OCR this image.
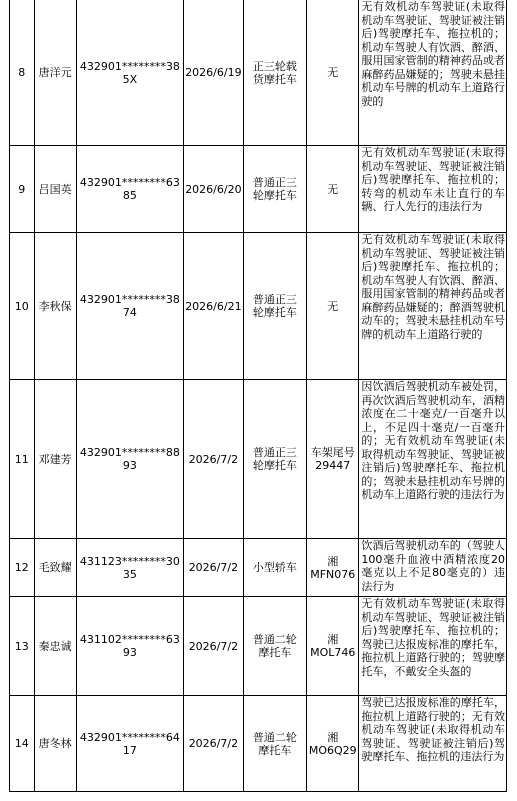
8	唐洋元	432901********385X	2026/6/19	正三轮载货摩托车	无	无有效机动车驾驶证(未取得机动车驾驶证、驾驶证被注销后)驾驶摩托车、拖拉机的；机动车驾驶人有饮酒、醉酒、服用国家管制的精神药品或者麻醉药品嫌疑的；驾驶未悬挂机动车号牌的机动车上道路行驶的

9	吕国英	432901********6385	2026/6/20	普通正三轮摩托车	无	无有效机动车驾驶证(未取得机动车驾驶证、驾驶证被注销后)驾驶摩托车、拖拉机的；转弯的机动车未让直行的车辆、行人先行的违法行为

10	李秋保	432901********3874	2026/6/21	普通正三轮摩托车	无	无有效机动车驾驶证(未取得机动车驾驶证、驾驶证被注销后)驾驶摩托车、拖拉机的；机动车驾驶人有饮酒、醉酒、服用国家管制的精神药品或者麻醉药品嫌疑的；醉酒驾驶机动车的；驾驶未悬挂机动车号牌的机动车上道路行驶的

11	邓建芳	432901********8893	2026/7/2	普通正三轮摩托车	车架尾号29447	因饮酒后驾驶机动车被处罚，再次饮酒后驾驶机动车，酒精浓度在二十毫克/一百毫升以上，不足四十毫克/一百毫升的；无有效机动车驾驶证(未取得机动车驾驶证、驾驶证被注销后)驾驶摩托车、拖拉机的；驾驶未悬挂机动车号牌的机动车上道路行驶的违法行为

12	毛致耀	431123********3035	2026/7/2	小型轿车	湘MFN076	饮酒后驾驶机动车的（驾驶人100毫升血液中酒精浓度20毫克以上不足80毫克的）违法行为

13	秦忠诚	431102********6393	2026/7/2	普通二轮摩托车	湘MOL746	无有效机动车驾驶证(未取得机动车驾驶证、驾驶证被注销后)驾驶摩托车、拖拉机的；驾驶已达报废标准的摩托车，拖拉机上道路行驶的；驾驶摩托车，不戴安全头盔的

14	唐冬林	432901********6417	2026/7/2	普通二轮摩托车	湘MO6Q29	驾驶已达报废标准的摩托车，拖拉机上道路行驶的；无有效机动车驾驶证(未取得机动车驾驶证、驾驶证被注销后)驾驶摩托车、拖拉机的违法行为
